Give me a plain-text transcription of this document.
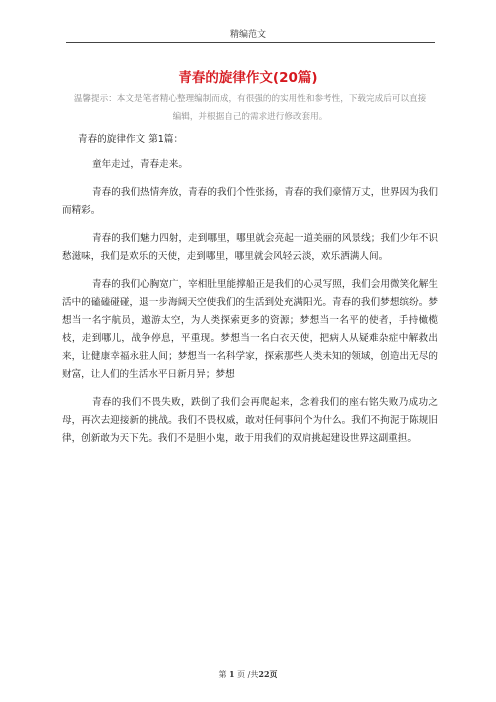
精编范文
青春的旋律作文(20篇)
温馨提示：本文是笔者精心整理编制而成，有很强的的实用性和参考性，下载完成后可以直接编辑，并根据自己的需求进行修改套用。

青春的旋律作文 第1篇：

童年走过，青春走来。

青春的我们热情奔放，青春的我们个性张扬，青春的我们豪情万丈，世界因为我们而精彩。

青春的我们魅力四射，走到哪里，哪里就会亮起一道美丽的风景线；我们少年不识愁滋味，我们是欢乐的天使，走到哪里，哪里就会风轻云淡，欢乐洒满人间。

青春的我们心胸宽广，宰相肚里能撑船正是我们的心灵写照，我们会用微笑化解生活中的磕磕碰碰，退一步海阔天空使我们的生活到处充满阳光。青春的我们梦想缤纷。梦想当一名宇航员，遨游太空，为人类探索更多的资源；梦想当一名平的使者，手持橄榄枝，走到哪儿，战争停息，平重现。梦想当一名白衣天使，把病人从疑难杂症中解救出来，让健康幸福永驻人间；梦想当一名科学家，探索那些人类未知的领域，创造出无尽的财富，让人们的生活水平日新月异；梦想

青春的我们不畏失败，跌倒了我们会再爬起来，念着我们的座右铭失败乃成功之母，再次去迎接新的挑战。我们不畏权威，敢对任何事问个为什么。我们不拘泥于陈规旧律，创新敢为天下先。我们不是胆小鬼，敢于用我们的双肩挑起建设世界这副重担。

第 1 页 /共22页
